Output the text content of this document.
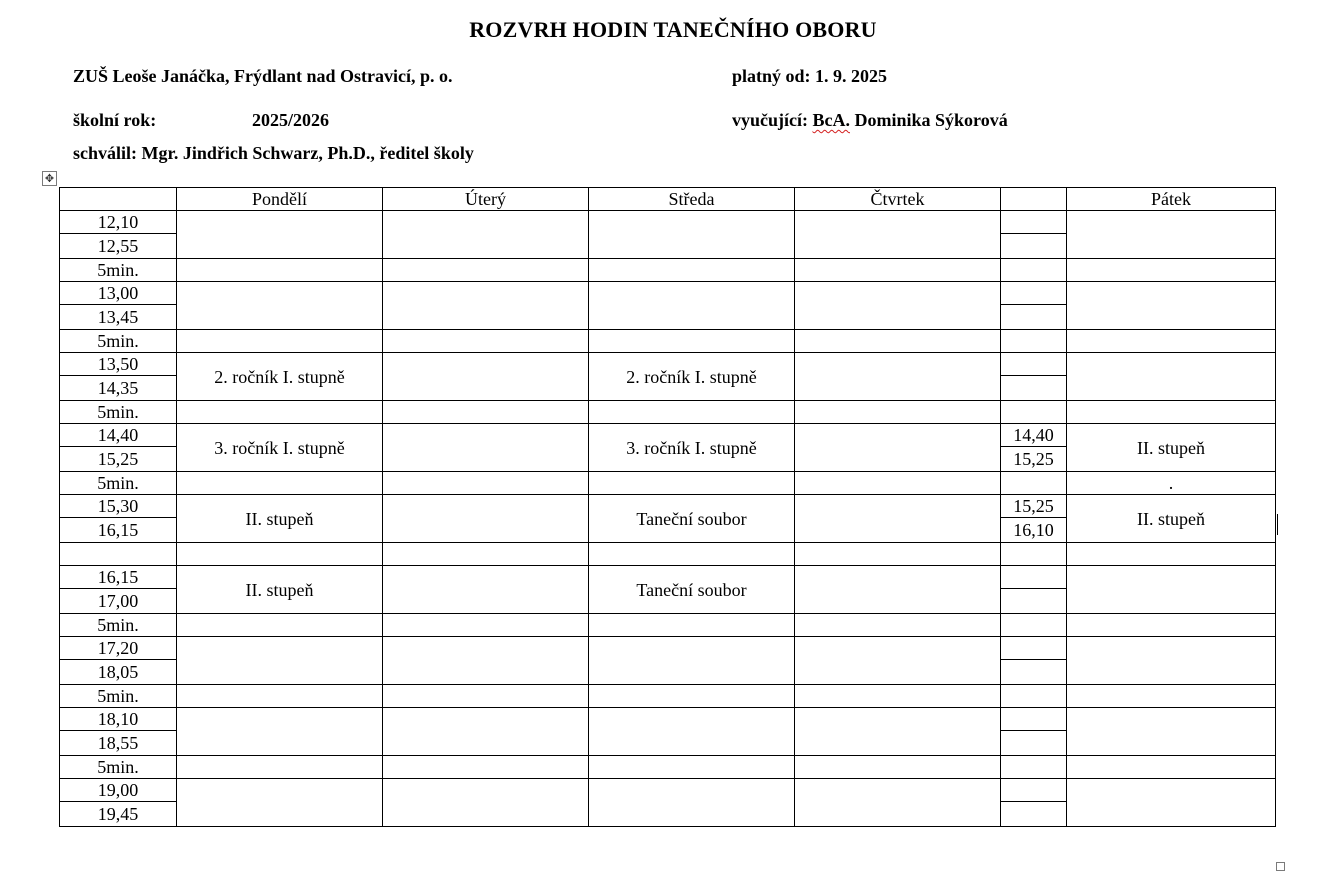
ROZVRH HODIN TANEČNÍHO OBORU
ZUŠ Leoše Janáčka, Frýdlant nad Ostravicí, p. o.	platný od: 1. 9. 2025
školní rok:	2025/2026	vyučující: BcA. Dominika Sýkorová
schválil: Mgr. Jindřich Schwarz, Ph.D., ředitel školy
✥
	Pondělí	Úterý	Středa	Čtvrtek		Pátek
12,10						
12,55						
5min.						
13,00						
13,45						
5min.						
13,50	2. ročník I. stupně		2. ročník I. stupně			
14,35						
5min.						
14,40	3. ročník I. stupně		3. ročník I. stupně		14,40	II. stupeň
15,25					15,25	
5min.						.
15,30	II. stupeň		Taneční soubor		15,25	II. stupeň
16,15					16,10	

16,15	II. stupeň		Taneční soubor			
17,00						
5min.						
17,20						
18,05						
5min.						
18,10						
18,55						
5min.						
19,00						
19,45						
